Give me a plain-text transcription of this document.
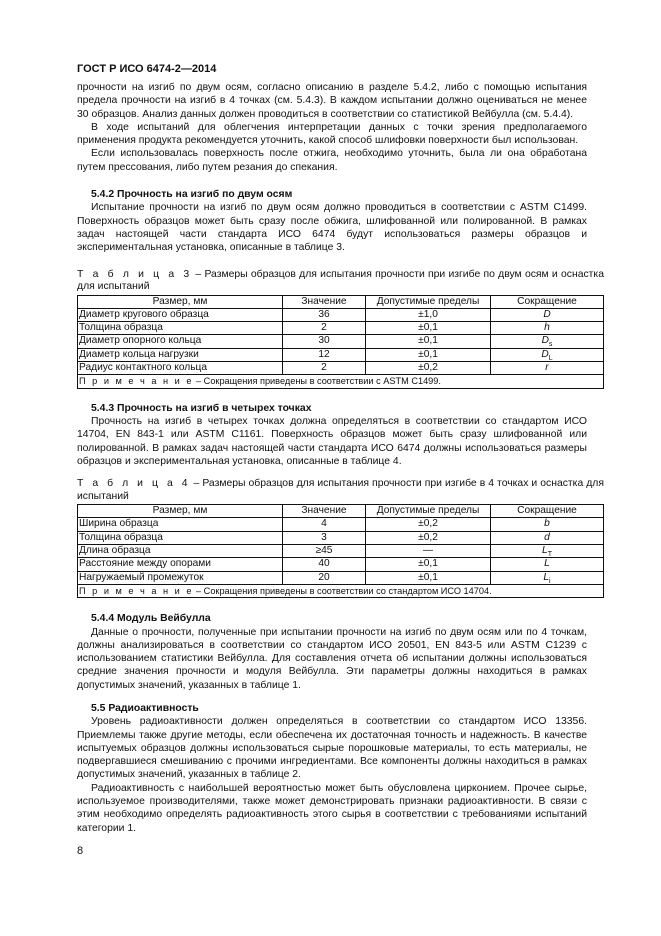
ГОСТ Р ИСО 6474-2—2014

прочности на изгиб по двум осям, согласно описанию в разделе 5.4.2, либо с помощью испытания предела прочности на изгиб в 4 точках (см. 5.4.3). В каждом испытании должно оцениваться не менее 30 образцов. Анализ данных должен проводиться в соответствии со статистикой Вейбулла (см. 5.4.4).

В ходе испытаний для облегчения интерпретации данных с точки зрения предполагаемого применения продукта рекомендуется уточнить, какой способ шлифовки поверхности был использован.

Если использовалась поверхность после отжига, необходимо уточнить, была ли она обработана путем прессования, либо путем резания до спекания.

5.4.2 Прочность на изгиб по двум осям

Испытание прочности на изгиб по двум осям должно проводиться в соответствии с ASTM C1499. Поверхность образцов может быть сразу после обжига, шлифованной или полированной. В рамках задач настоящей части стандарта ИСО 6474 будут использоваться размеры образцов и экспериментальная установка, описанные в таблице 3.

Т а б л и ц а 3 – Размеры образцов для испытания прочности при изгибе по двум осям и оснастка для испытаний
Размер, мм	Значение	Допустимые пределы	Сокращение
Диаметр кругового образца	36	±1,0	D
Толщина образца	2	±0,1	h
Диаметр опорного кольца	30	±0,1	$D_s$
Диаметр кольца нагрузки	12	±0,1	$D_L$
Радиус контактного кольца	2	±0,2	r
П р и м е ч а н и е – Сокращения приведены в соответствии с ASTM C1499.			

5.4.3 Прочность на изгиб в четырех точках

Прочность на изгиб в четырех точках должна определяться в соответствии со стандартом ИСО 14704, EN 843-1 или ASTM C1161. Поверхность образцов может быть сразу шлифованной или полированной. В рамках задач настоящей части стандарта ИСО 6474 должны использоваться размеры образцов и экспериментальная установка, описанные в таблице 4.

Т а б л и ц а 4 – Размеры образцов для испытания прочности при изгибе в 4 точках и оснастка для испытаний
Размер, мм	Значение	Допустимые пределы	Сокращение
Ширина образца	4	±0,2	b
Толщина образца	3	±0,2	d
Длина образца	≥45	—	$L_T$
Расстояние между опорами	40	±0,1	L
Нагружаемый промежуток	20	±0,1	$L_i$
П р и м е ч а н и е – Сокращения приведены в соответствии со стандартом ИСО 14704.			

5.4.4 Модуль Вейбулла

Данные о прочности, полученные при испытании прочности на изгиб по двум осям или по 4 точкам, должны анализироваться в соответствии со стандартом ИСО 20501, EN 843-5 или ASTM C1239 с использованием статистики Вейбулла. Для составления отчета об испытании должны использоваться средние значения прочности и модуля Вейбулла. Эти параметры должны находиться в рамках допустимых значений, указанных в таблице 1.

5.5 Радиоактивность

Уровень радиоактивности должен определяться в соответствии со стандартом ИСО 13356. Приемлемы также другие методы, если обеспечена их достаточная точность и надежность. В качестве испытуемых образцов должны использоваться сырые порошковые материалы, то есть материалы, не подвергавшиеся смешиванию с прочими ингредиентами. Все компоненты должны находиться в рамках допустимых значений, указанных в таблице 2.

Радиоактивность с наибольшей вероятностью может быть обусловлена цирконием. Прочее сырье, используемое производителями, также может демонстрировать признаки радиоактивности. В связи с этим необходимо определять радиоактивность этого сырья в соответствии с требованиями испытаний категории 1.

8
